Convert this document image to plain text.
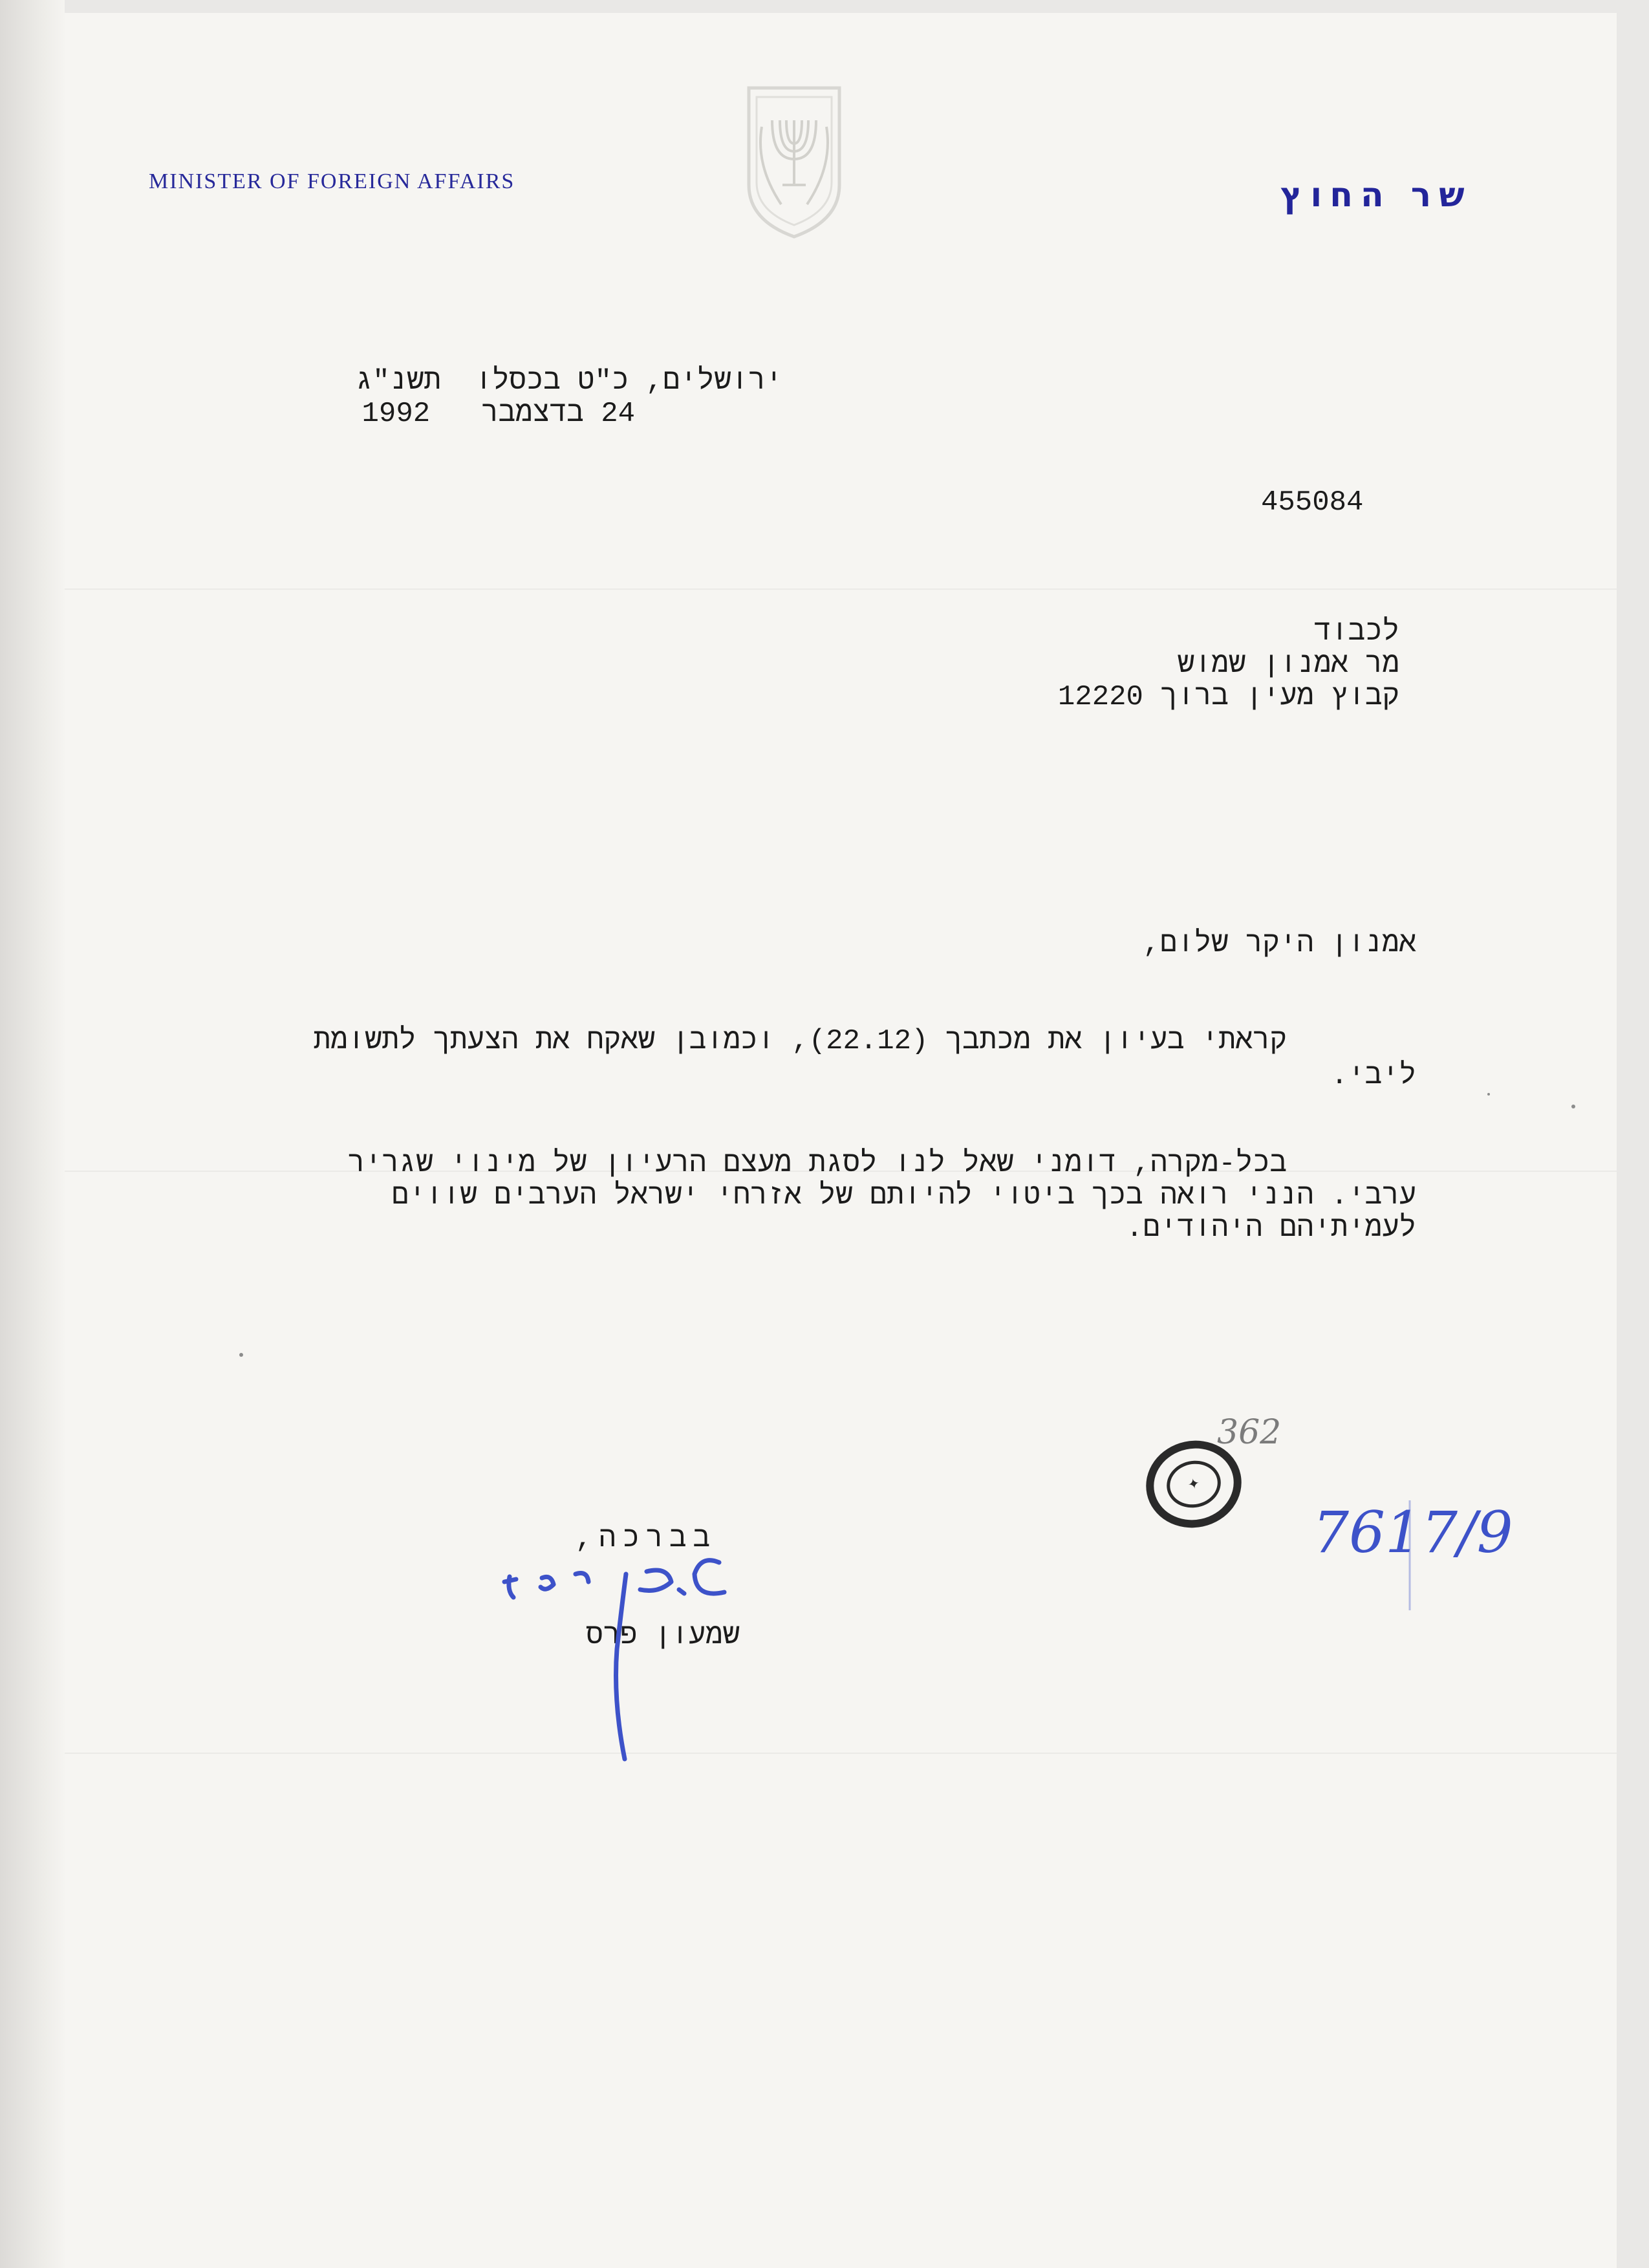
MINISTER OF FOREIGN AFFAIRS	שר החוץ
ירושלים, כ"ט בכסלו  תשנ"ג
24 בדצמבר   1992
455084
לכבוד
מר אמנון שמוש
קבוץ מעין ברוך 12220
אמנון היקר שלום,
קראתי בעיון את מכתבך (22.12), וכמובן שאקח את הצעתך לתשומת
ליבי.
בכל-מקרה, דומני שאל לנו לסגת מעצם הרעיון של מינוי שגריר
ערבי. הנני רואה בכך ביטוי להיותם של אזרחי ישראל הערבים שווים
לעמיתיהם היהודים.
בברכה,
שמעון פרס
362
✦
7617/9
